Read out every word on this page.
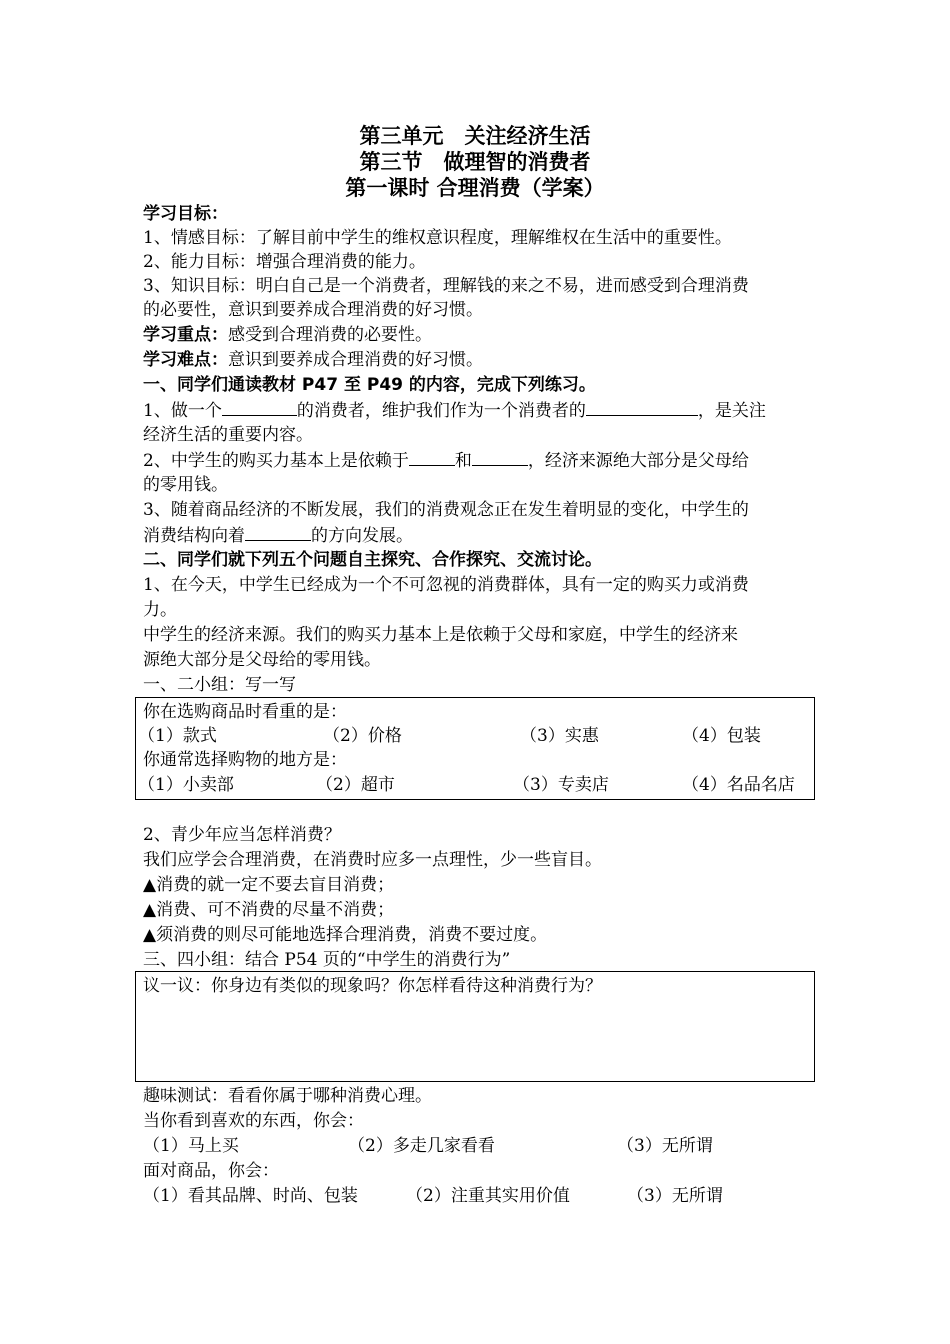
第三单元　关注经济生活
第三节　做理智的消费者
第一课时 合理消费（学案）
学习目标：
1、情感目标：了解目前中学生的维权意识程度，理解维权在生活中的重要性。
2、能力目标：增强合理消费的能力。
3、知识目标：明白自己是一个消费者，理解钱的来之不易，进而感受到合理消费
的必要性，意识到要养成合理消费的好习惯。
学习重点：感受到合理消费的必要性。
学习难点：意识到要养成合理消费的好习惯。
一、同学们通读教材 P47 至 P49 的内容，完成下列练习。
1、做一个	的消费者，维护我们作为一个消费者的	，是关注
经济生活的重要内容。
2、中学生的购买力基本上是依赖于	和	，经济来源绝大部分是父母给
的零用钱。
3、随着商品经济的不断发展，我们的消费观念正在发生着明显的变化，中学生的
消费结构向着	的方向发展。
二、同学们就下列五个问题自主探究、合作探究、交流讨论。
1、在今天，中学生已经成为一个不可忽视的消费群体，具有一定的购买力或消费
力。
中学生的经济来源。我们的购买力基本上是依赖于父母和家庭，中学生的经济来
源绝大部分是父母给的零用钱。
一、二小组：写一写
你在选购商品时看重的是：
（1）款式	（2）价格	（3）实惠	（4）包装
你通常选择购物的地方是：
（1）小卖部	（2）超市	（3）专卖店	（4）名品名店
2、青少年应当怎样消费？
我们应学会合理消费，在消费时应多一点理性，少一些盲目。
▲消费的就一定不要去盲目消费；
▲消费、可不消费的尽量不消费；
▲须消费的则尽可能地选择合理消费，消费不要过度。
三、四小组：结合 P54 页的“中学生的消费行为”
议一议：你身边有类似的现象吗？你怎样看待这种消费行为？
趣味测试：看看你属于哪种消费心理。
当你看到喜欢的东西，你会：
（1）马上买	（2）多走几家看看	（3）无所谓
面对商品，你会：
（1）看其品牌、时尚、包装	（2）注重其实用价值	（3）无所谓
